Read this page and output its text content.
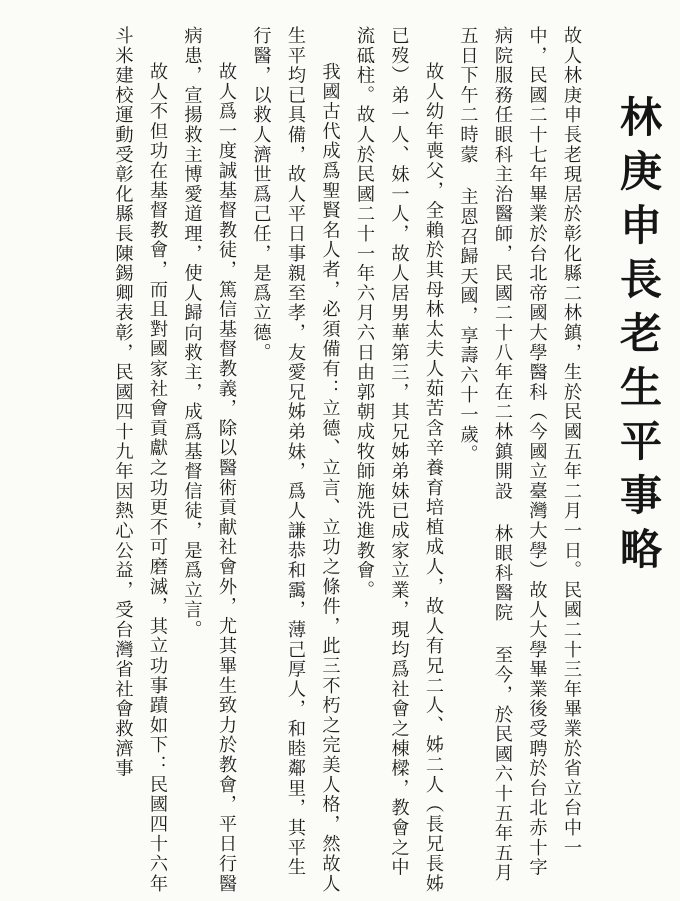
林庚申長老生平事略

故人林庚申長老現居於彰化縣二林鎮，生於民國五年二月一日。民國二十三年畢業於省立台中一中，民國二十七年畢業於台北帝國大學醫科（今國立臺灣大學）故人大學畢業後受聘於台北赤十字病院服務任眼科主治醫師，民國二十八年在二林鎮開設 林眼科醫院 至今，於民國六十五年五月五日下午二時蒙 主恩召歸天國，享壽六十一歲。

故人幼年喪父，全賴於其母林太夫人茹苦含辛養育培植成人，故人有兄二人、姊二人（長兄長姊已歿）弟一人、妹一人，故人居男華第三，其兄姊弟妹已成家立業，現均爲社會之棟樑，教會之中流砥柱。故人於民國二十一年六月六日由郭朝成牧師施洗進教會。

我國古代成爲聖賢名人者，必須備有：立德、立言、立功之條件，此三不朽之完美人格，然故人生平均已具備，故人平日事親至孝，友愛兄姊弟妹，爲人謙恭和靄，薄己厚人，和睦鄰里，其平生行醫，以救人濟世爲己任，是爲立德。

故人爲一度誠基督教徒，篤信基督教義，除以醫術貢献社會外，尤其畢生致力於教會，平日行醫病患，宣揚救主博愛道理，使人歸向救主，成爲基督信徒，是爲立言。

故人不但功在基督教會，而且對國家社會貢獻之功更不可磨滅，其立功事蹟如下：民國四十六年斗米建校運動受彰化縣長陳錫卿表彰，民國四十九年因熱心公益，受台灣省社會救濟事
